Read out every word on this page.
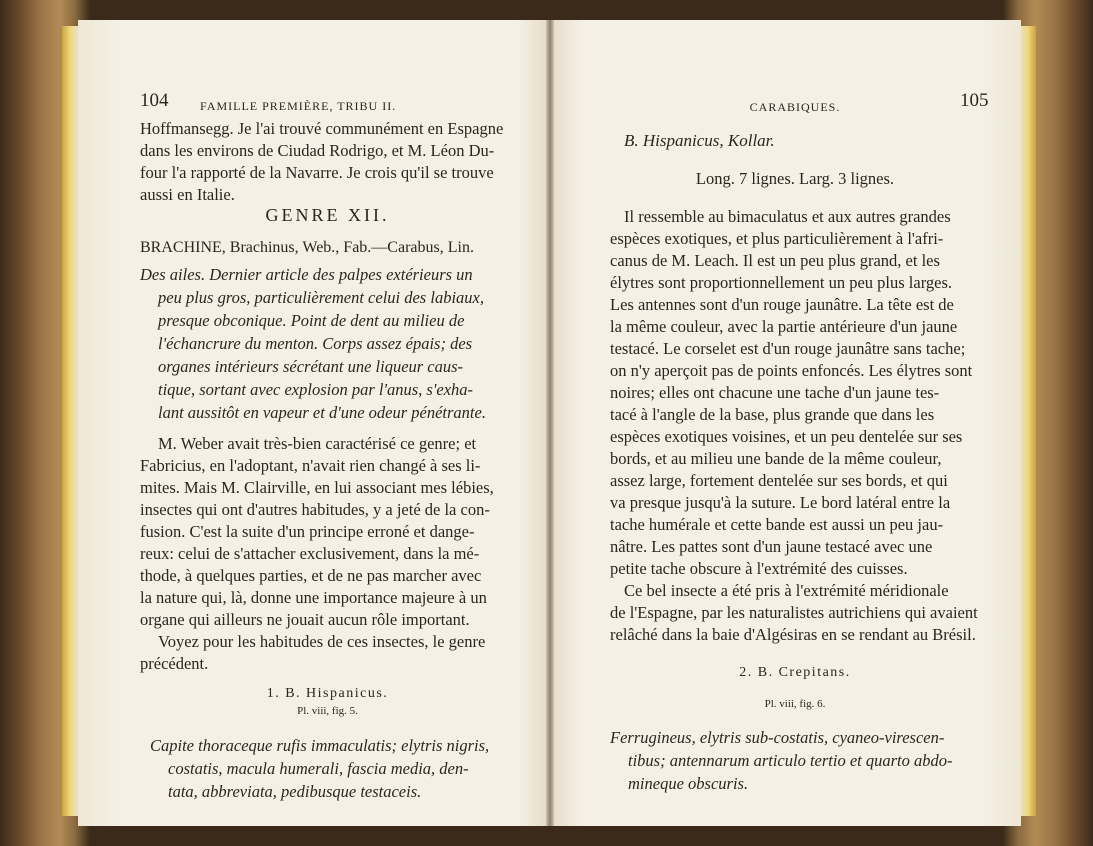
104	FAMILLE PREMIÈRE, TRIBU II.
Hoffmansegg. Je l'ai trouvé communément en Espagne
dans les environs de Ciudad Rodrigo, et M. Léon Du-
four l'a rapporté de la Navarre. Je crois qu'il se trouve
aussi en Italie.
GENRE XII.
BRACHINE, Brachinus, Web., Fab.—Carabus, Lin.
Des ailes. Dernier article des palpes extérieurs un
peu plus gros, particulièrement celui des labiaux,
presque obconique. Point de dent au milieu de
l'échancrure du menton. Corps assez épais; des
organes intérieurs sécrétant une liqueur caus-
tique, sortant avec explosion par l'anus, s'exha-
lant aussitôt en vapeur et d'une odeur pénétrante.
M. Weber avait très-bien caractérisé ce genre; et
Fabricius, en l'adoptant, n'avait rien changé à ses li-
mites. Mais M. Clairville, en lui associant mes lébies,
insectes qui ont d'autres habitudes, y a jeté de la con-
fusion. C'est la suite d'un principe erroné et dange-
reux: celui de s'attacher exclusivement, dans la mé-
thode, à quelques parties, et de ne pas marcher avec
la nature qui, là, donne une importance majeure à un
organe qui ailleurs ne jouait aucun rôle important.
Voyez pour les habitudes de ces insectes, le genre
précédent.
1. B. Hispanicus.
Pl. viii, fig. 5.
Capite thoraceque rufis immaculatis; elytris nigris,
costatis, macula humerali, fascia media, den-
tata, abbreviata, pedibusque testaceis.
CARABIQUES.	105
B. Hispanicus, Kollar.
Long. 7 lignes. Larg. 3 lignes.
Il ressemble au bimaculatus et aux autres grandes
espèces exotiques, et plus particulièrement à l'afri-
canus de M. Leach. Il est un peu plus grand, et les
élytres sont proportionnellement un peu plus larges.
Les antennes sont d'un rouge jaunâtre. La tête est de
la même couleur, avec la partie antérieure d'un jaune
testacé. Le corselet est d'un rouge jaunâtre sans tache;
on n'y aperçoit pas de points enfoncés. Les élytres sont
noires; elles ont chacune une tache d'un jaune tes-
tacé à l'angle de la base, plus grande que dans les
espèces exotiques voisines, et un peu dentelée sur ses
bords, et au milieu une bande de la même couleur,
assez large, fortement dentelée sur ses bords, et qui
va presque jusqu'à la suture. Le bord latéral entre la
tache humérale et cette bande est aussi un peu jau-
nâtre. Les pattes sont d'un jaune testacé avec une
petite tache obscure à l'extrémité des cuisses.
Ce bel insecte a été pris à l'extrémité méridionale
de l'Espagne, par les naturalistes autrichiens qui avaient
relâché dans la baie d'Algésiras en se rendant au Brésil.
2. B. Crepitans.
Pl. viii, fig. 6.
Ferrugineus, elytris sub-costatis, cyaneo-virescen-
tibus; antennarum articulo tertio et quarto abdo-
mineque obscuris.
